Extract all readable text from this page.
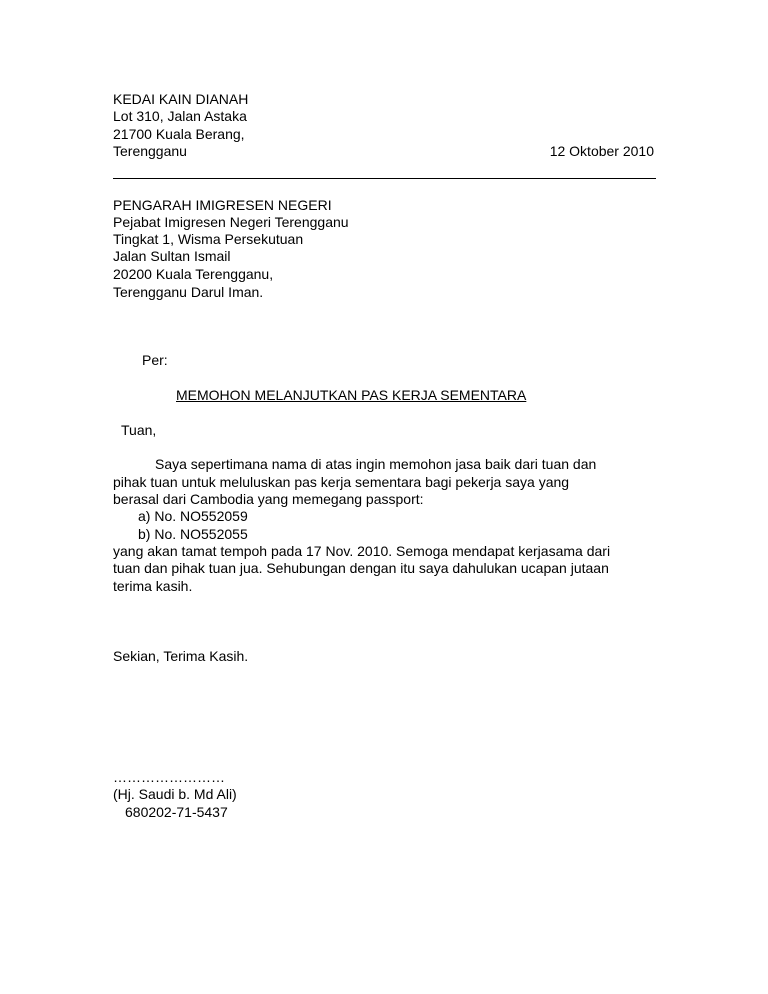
KEDAI KAIN DIANAH
Lot 310, Jalan Astaka
21700 Kuala Berang,
Terengganu	12 Oktober 2010
PENGARAH IMIGRESEN NEGERI
Pejabat Imigresen Negeri Terengganu
Tingkat 1, Wisma Persekutuan
Jalan Sultan Ismail
20200 Kuala Terengganu,
Terengganu Darul Iman.
Per:
MEMOHON MELANJUTKAN PAS KERJA SEMENTARA
Tuan,
Saya sepertimana nama di atas ingin memohon jasa baik dari tuan dan
pihak tuan untuk meluluskan pas kerja sementara bagi pekerja saya yang
berasal dari Cambodia yang memegang passport:
a) No. NO552059
b) No. NO552055
yang akan tamat tempoh pada 17 Nov. 2010. Semoga mendapat kerjasama dari
tuan dan pihak tuan jua. Sehubungan dengan itu saya dahulukan ucapan jutaan
terima kasih.
Sekian, Terima Kasih.
……………………
(Hj. Saudi b. Md Ali)
680202-71-5437
